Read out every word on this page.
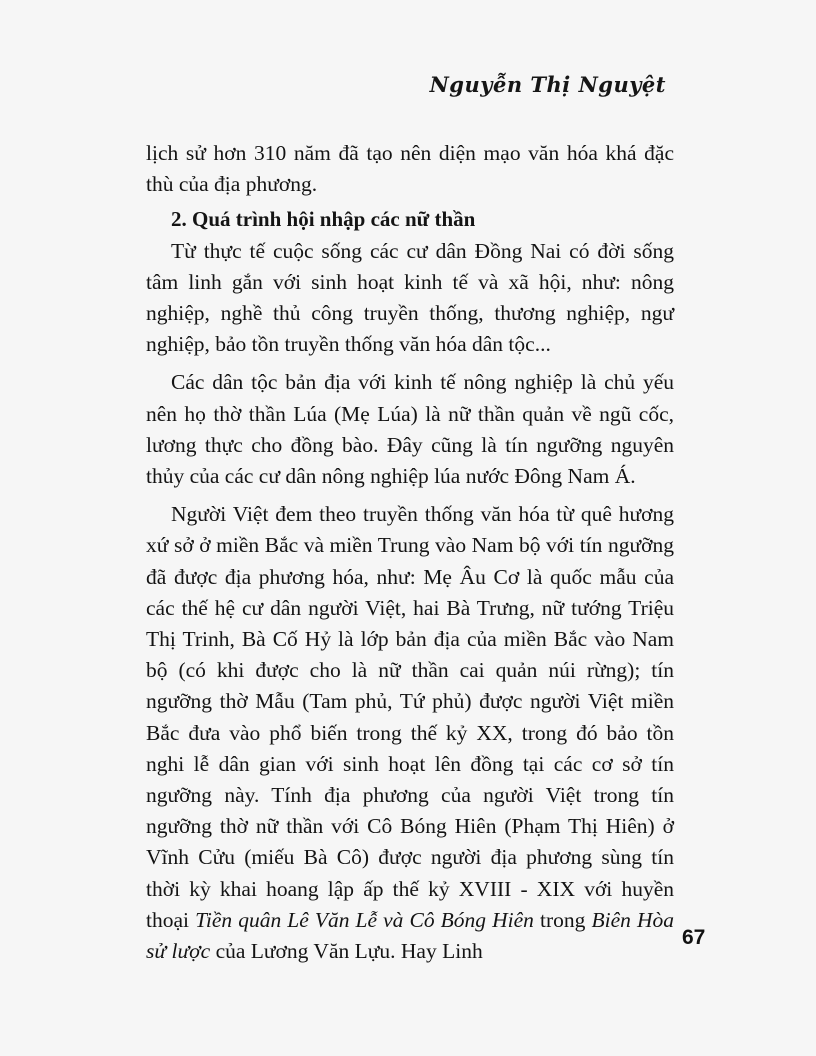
Nguyễn Thị Nguyệt

lịch sử hơn 310 năm đã tạo nên diện mạo văn hóa khá đặc thù của địa phương.

2. Quá trình hội nhập các nữ thần

Từ thực tế cuộc sống các cư dân Đồng Nai có đời sống tâm linh gắn với sinh hoạt kinh tế và xã hội, như: nông nghiệp, nghề thủ công truyền thống, thương nghiệp, ngư nghiệp, bảo tồn truyền thống văn hóa dân tộc...

Các dân tộc bản địa với kinh tế nông nghiệp là chủ yếu nên họ thờ thần Lúa (Mẹ Lúa) là nữ thần quản về ngũ cốc, lương thực cho đồng bào. Đây cũng là tín ngưỡng nguyên thủy của các cư dân nông nghiệp lúa nước Đông Nam Á.

Người Việt đem theo truyền thống văn hóa từ quê hương xứ sở ở miền Bắc và miền Trung vào Nam bộ với tín ngưỡng đã được địa phương hóa, như: Mẹ Âu Cơ là quốc mẫu của các thế hệ cư dân người Việt, hai Bà Trưng, nữ tướng Triệu Thị Trinh, Bà Cố Hỷ là lớp bản địa của miền Bắc vào Nam bộ (có khi được cho là nữ thần cai quản núi rừng); tín ngưỡng thờ Mẫu (Tam phủ, Tứ phủ) được người Việt miền Bắc đưa vào phổ biến trong thế kỷ XX, trong đó bảo tồn nghi lễ dân gian với sinh hoạt lên đồng tại các cơ sở tín ngưỡng này. Tính địa phương của người Việt trong tín ngưỡng thờ nữ thần với Cô Bóng Hiên (Phạm Thị Hiên) ở Vĩnh Cửu (miếu Bà Cô) được người địa phương sùng tín thời kỳ khai hoang lập ấp thế kỷ XVIII - XIX với huyền thoại Tiền quân Lê Văn Lễ và Cô Bóng Hiên trong Biên Hòa sử lược của Lương Văn Lựu. Hay Linh

67
